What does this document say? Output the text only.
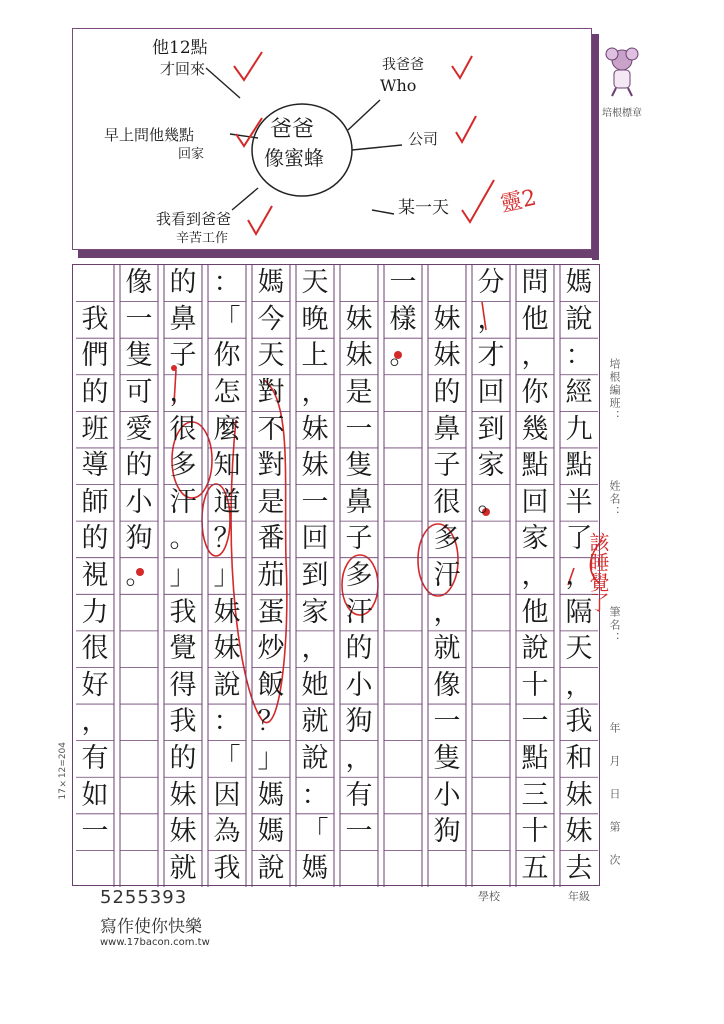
爸爸
像蜜蜂
他12點
才回來
早上問他幾點
回家
我看到爸爸
辛苦工作
我爸爸
Who
公司
某一天 靈2
培根標章
媽
說
：
經
九
點
半
了
，
隔
天
，
我
和
妹
妹
去
問
他
，
你
幾
點
回
家
，
他
說
十
一
點
三
十
五
分
，
才
回
到
家
。
妹
妹
的
鼻
子
很
多
汗
，
就
像
一
隻
小
狗
一
樣
。
妹
妹
是
一
隻
鼻
子
多
汗
的
小
狗
，
有
一
天
晚
上
，
妹
妹
一
回
到
家
，
她
就
說
：
「
媽
媽
今
天
對
不
對
是
番
茄
蛋
炒
飯
？
」
媽
媽
說
：
「
你
怎
麼
知
道
？
」
妹
妹
說
：
「
因
為
我
的
鼻
子
，
很
多
汗
。
」
我
覺
得
我
的
妹
妹
就
像
一
隻
可
愛
的
小
狗
。
我
們
的
班
導
師
的
視
力
很
好
，
有
如
一
該睡覺了
培根編班：
姓名：
筆名：
年月日第次
17×12=204
5255393
寫作使你快樂
www.17bacon.com.tw
學校	年級
